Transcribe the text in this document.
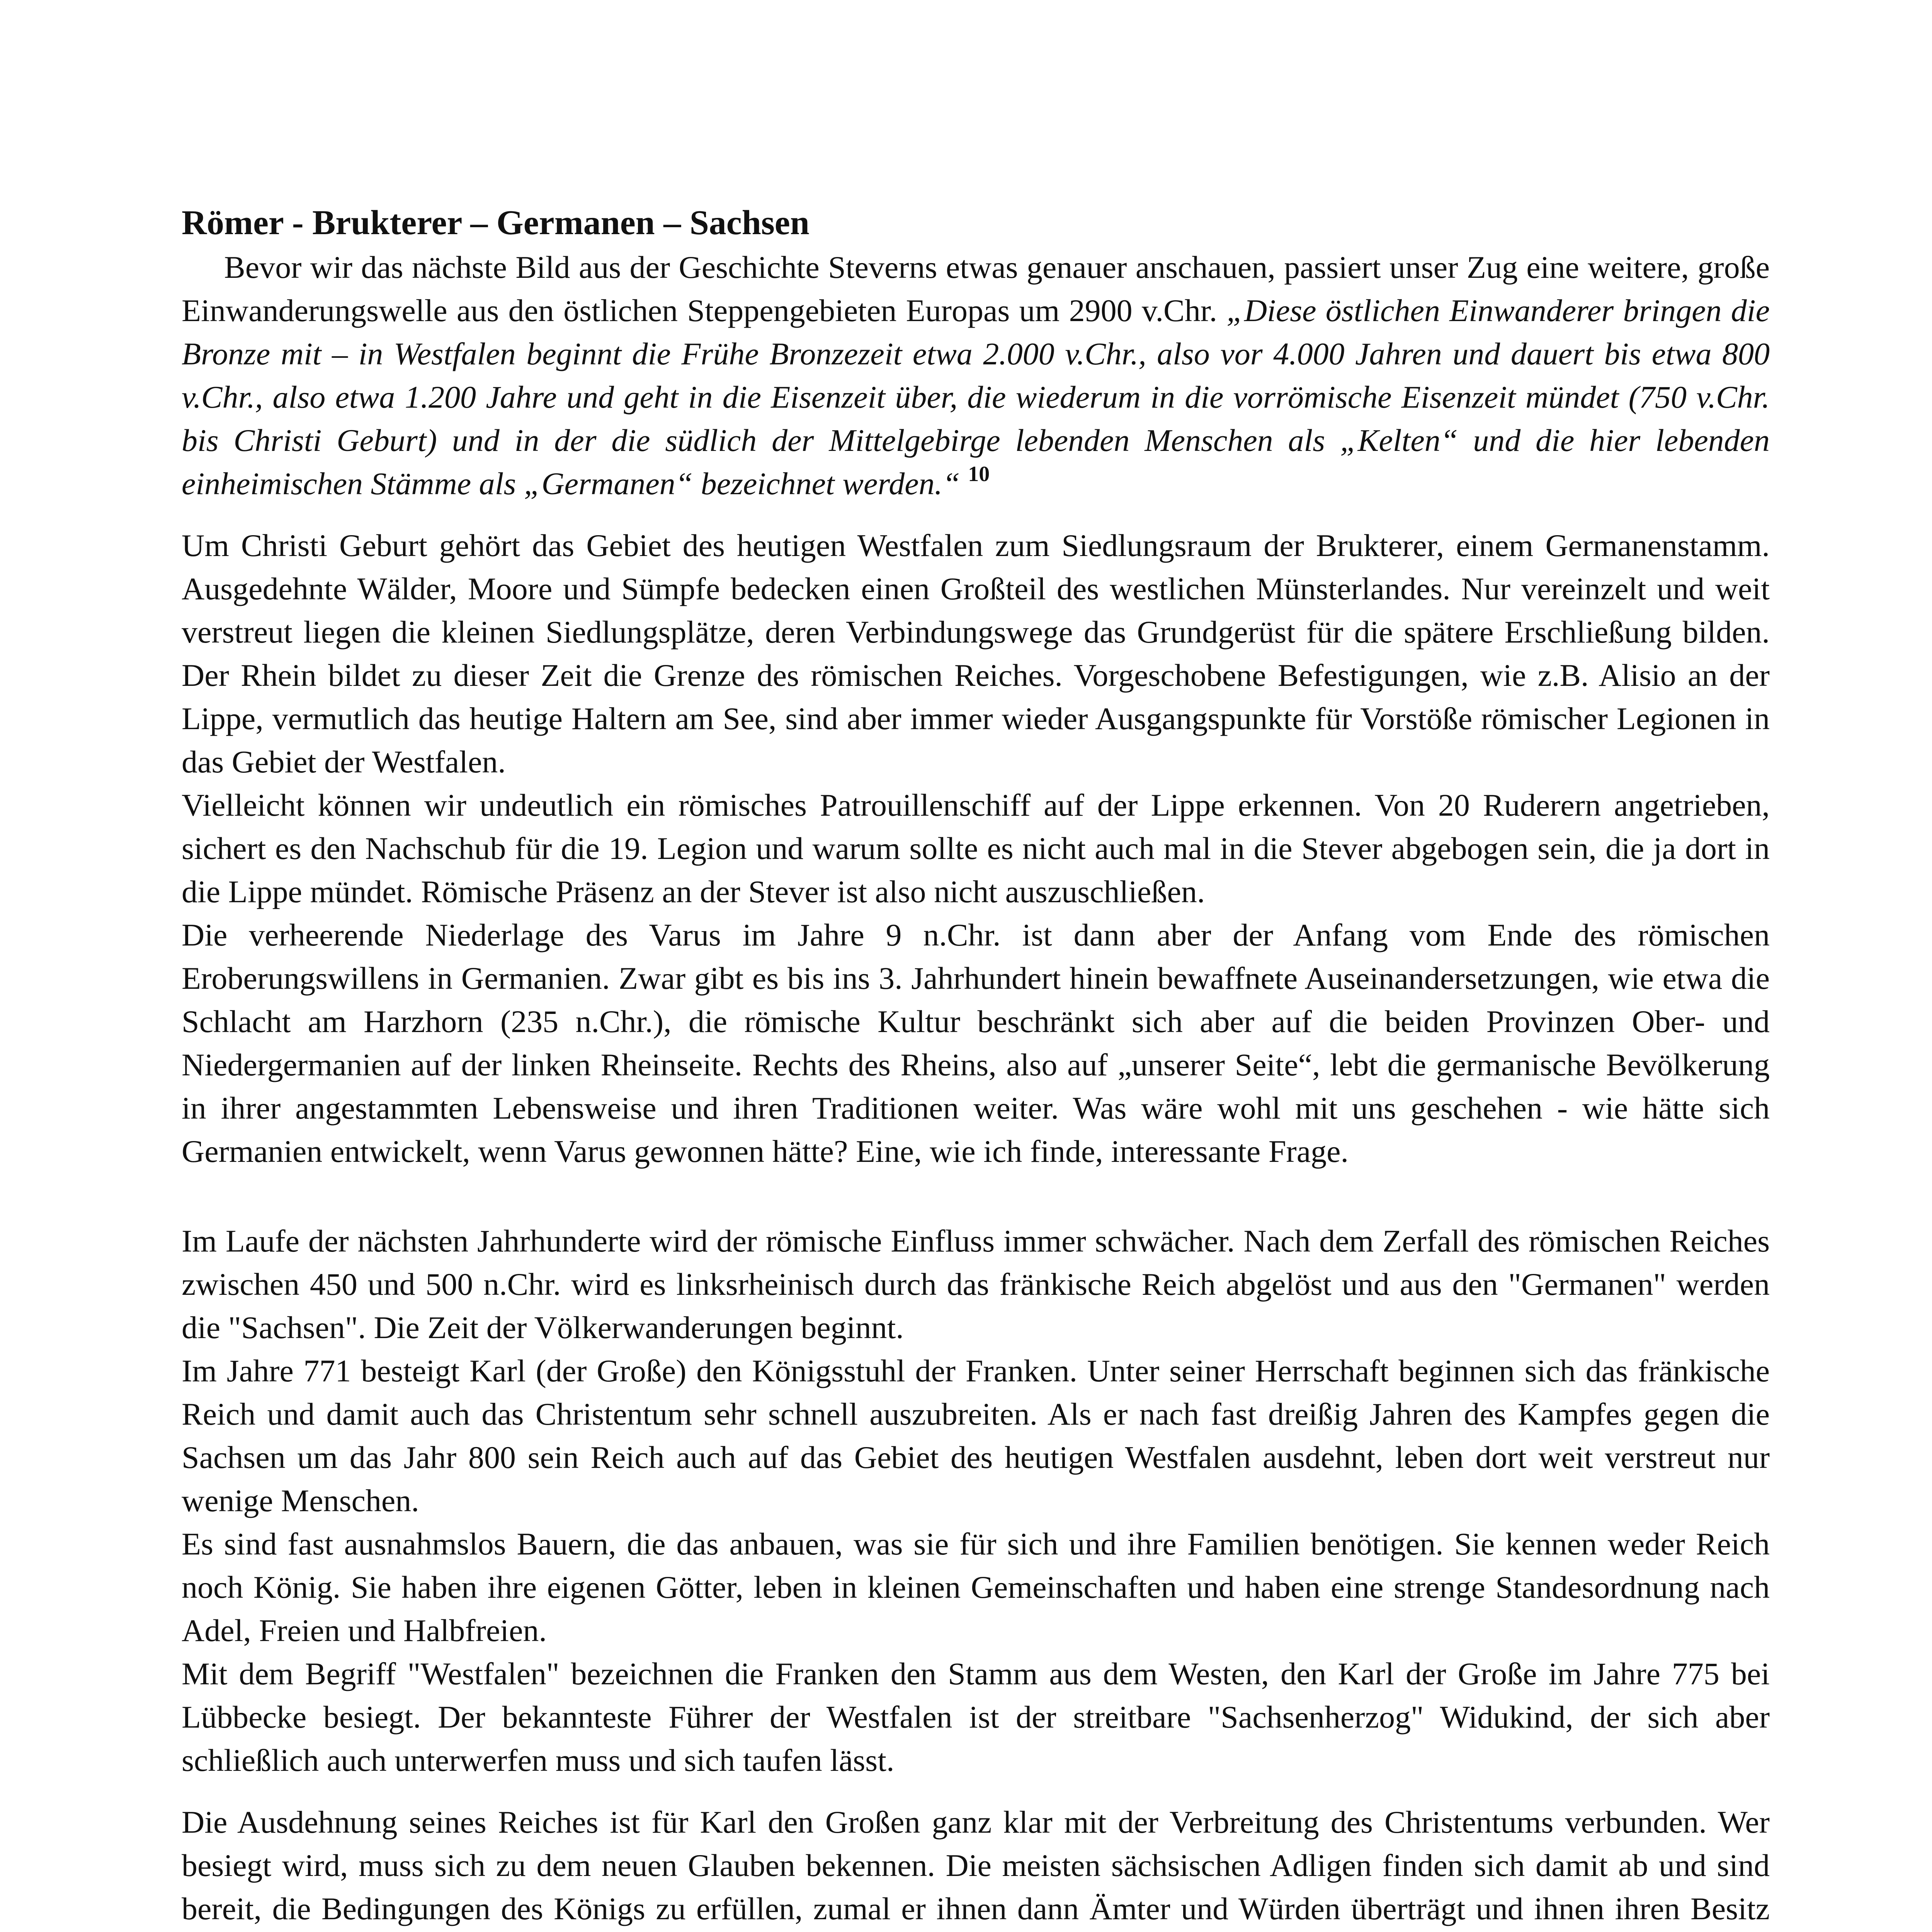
Römer - Brukterer – Germanen – Sachsen

Bevor wir das nächste Bild aus der Geschichte Steverns etwas genauer anschauen, passiert unser Zug eine weitere, große Einwanderungswelle aus den östlichen Steppengebieten Europas um 2900 v.Chr. „Diese östlichen Einwanderer bringen die Bronze mit – in Westfalen beginnt die Frühe Bronzezeit etwa 2.000 v.Chr., also vor 4.000 Jahren und dauert bis etwa 800 v.Chr., also etwa 1.200 Jahre und geht in die Eisenzeit über, die wiederum in die vorrömische Eisenzeit mündet (750 v.Chr. bis Christi Geburt) und in der die südlich der Mittelgebirge lebenden Menschen als „Kelten“ und die hier lebenden einheimischen Stämme als „Germanen“ bezeichnet werden.“ $^{10}$

Um Christi Geburt gehört das Gebiet des heutigen Westfalen zum Siedlungsraum der Brukterer, einem Germanenstamm. Ausgedehnte Wälder, Moore und Sümpfe bedecken einen Großteil des westlichen Münsterlandes. Nur vereinzelt und weit verstreut liegen die kleinen Siedlungsplätze, deren Verbindungswege das Grundgerüst für die spätere Erschließung bilden. Der Rhein bildet zu dieser Zeit die Grenze des römischen Reiches. Vorgeschobene Befestigungen, wie z.B. Alisio an der Lippe, vermutlich das heutige Haltern am See, sind aber immer wieder Ausgangspunkte für Vorstöße römischer Legionen in das Gebiet der Westfalen.

Vielleicht können wir undeutlich ein römisches Patrouillenschiff auf der Lippe erkennen. Von 20 Ruderern angetrieben, sichert es den Nachschub für die 19. Legion und warum sollte es nicht auch mal in die Stever abgebogen sein, die ja dort in die Lippe mündet. Römische Präsenz an der Stever ist also nicht auszuschließen.

Die verheerende Niederlage des Varus im Jahre 9 n.Chr. ist dann aber der Anfang vom Ende des römischen Eroberungswillens in Germanien. Zwar gibt es bis ins 3. Jahrhundert hinein bewaffnete Auseinandersetzungen, wie etwa die Schlacht am Harzhorn (235 n.Chr.), die römische Kultur beschränkt sich aber auf die beiden Provinzen Ober- und Niedergermanien auf der linken Rheinseite. Rechts des Rheins, also auf „unserer Seite“, lebt die germanische Bevölkerung in ihrer angestammten Lebensweise und ihren Traditionen weiter. Was wäre wohl mit uns geschehen - wie hätte sich Germanien entwickelt, wenn Varus gewonnen hätte? Eine, wie ich finde, interessante Frage.

Im Laufe der nächsten Jahrhunderte wird der römische Einfluss immer schwächer. Nach dem Zerfall des römischen Reiches zwischen 450 und 500 n.Chr. wird es linksrheinisch durch das fränkische Reich abgelöst und aus den "Germanen" werden die "Sachsen". Die Zeit der Völkerwanderungen beginnt.

Im Jahre 771 besteigt Karl (der Große) den Königsstuhl der Franken. Unter seiner Herrschaft beginnen sich das fränkische Reich und damit auch das Christentum sehr schnell auszubreiten. Als er nach fast dreißig Jahren des Kampfes gegen die Sachsen um das Jahr 800 sein Reich auch auf das Gebiet des heutigen Westfalen ausdehnt, leben dort weit verstreut nur wenige Menschen.

Es sind fast ausnahmslos Bauern, die das anbauen, was sie für sich und ihre Familien benötigen. Sie kennen weder Reich noch König. Sie haben ihre eigenen Götter, leben in kleinen Gemeinschaften und haben eine strenge Standesordnung nach Adel, Freien und Halbfreien.

Mit dem Begriff "Westfalen" bezeichnen die Franken den Stamm aus dem Westen, den Karl der Große im Jahre 775 bei Lübbecke besiegt. Der bekannteste Führer der Westfalen ist der streitbare "Sachsenherzog" Widukind, der sich aber schließlich auch unterwerfen muss und sich taufen lässt.

Die Ausdehnung seines Reiches ist für Karl den Großen ganz klar mit der Verbreitung des Christentums verbunden. Wer besiegt wird, muss sich zu dem neuen Glauben bekennen. Die meisten sächsischen Adligen finden sich damit ab und sind bereit, die Bedingungen des Königs zu erfüllen, zumal er ihnen dann Ämter und Würden überträgt und ihnen ihren Besitz
